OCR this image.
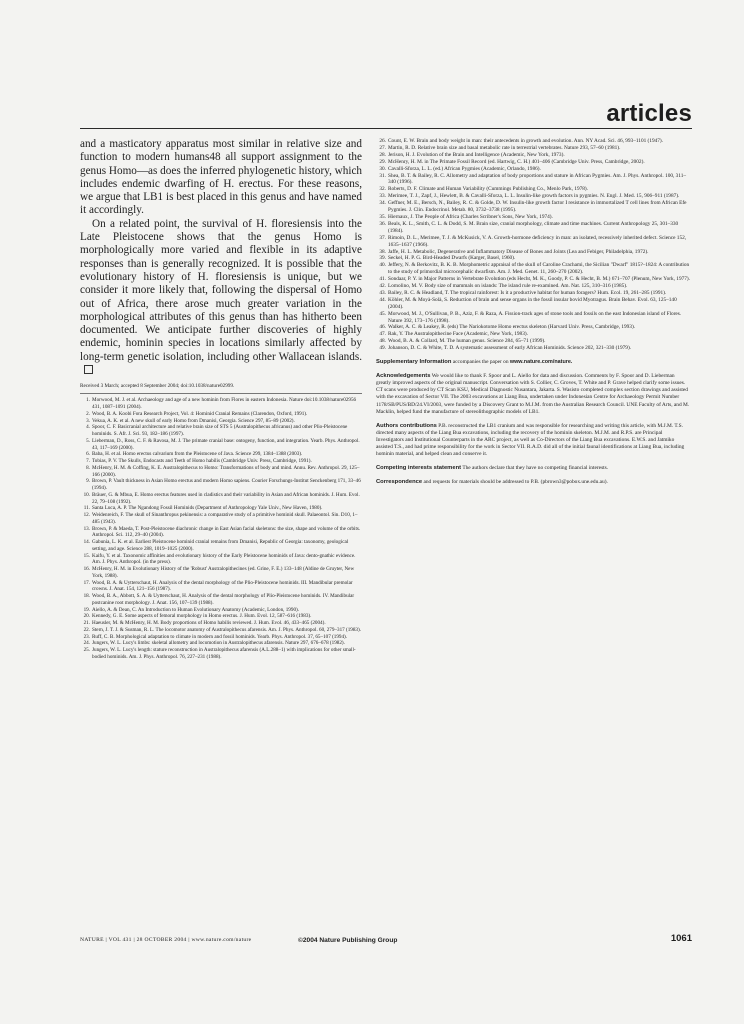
articles

and a masticatory apparatus most similar in relative size and function to modern humans48 all support assignment to the genus Homo—as does the inferred phylogenetic history, which includes endemic dwarfing of H. erectus. For these reasons, we argue that LB1 is best placed in this genus and have named it accordingly.

On a related point, the survival of H. floresiensis into the Late Pleistocene shows that the genus Homo is morphologically more varied and flexible in its adaptive responses than is generally recognized. It is possible that the evolutionary history of H. floresiensis is unique, but we consider it more likely that, following the dispersal of Homo out of Africa, there arose much greater variation in the morphological attributes of this genus than has hitherto been documented. We anticipate further discoveries of highly endemic, hominin species in locations similarly affected by long-term genetic isolation, including other Wallacean islands.

Received 3 March; accepted 8 September 2004; doi:10.1038/nature02999.
1. Morwood, M. J. et al. Archaeology and age of a new hominin from Flores in eastern Indonesia. Nature doi:10.1038/nature02956 431, 1087–1091 (2004).
2. Wood, B. A. Koobi Fora Research Project, Vol. 4: Hominid Cranial Remains (Clarendon, Oxford, 1991).
3. Vekua, A. K. et al. A new skull of early Homo from Dmanisi, Georgia. Science 297, 85–89 (2002).
4. Spoor, C. F. Basicranial architecture and relative brain size of STS 5 (Australopithecus africanus) and other Plio-Pleistocene hominids. S. Afr. J. Sci. 93, 182–186 (1997).
5. Lieberman, D., Ross, C. F. & Ravosa, M. J. The primate cranial base: ontogeny, function, and integration. Yearb. Phys. Anthropol. 43, 117–169 (2000).
6. Baba, H. et al. Homo erectus calvarium from the Pleistocene of Java. Science 299, 1384–1388 (2003).
7. Tobias, P. V. The Skulls, Endocasts and Teeth of Homo habilis (Cambridge Univ. Press, Cambridge, 1991).
8. McHenry, H. M. & Coffing, K. E. Australopithecus to Homo: Transformations of body and mind. Annu. Rev. Anthropol. 29, 125–166 (2000).
9. Brown, P. Vault thickness in Asian Homo erectus and modern Homo sapiens. Courier Forschungs-Institut Senckenberg 171, 33–46 (1994).
10. Bräuer, G. & Mbua, E. Homo erectus features used in cladistics and their variability in Asian and African hominids. J. Hum. Evol. 22, 79–108 (1992).
11. Santa Luca, A. P. The Ngandong Fossil Hominids (Department of Anthropology Yale Univ., New Haven, 1980).
12. Weidenreich, F. The skull of Sinanthropus pekinensis: a comparative study of a primitive hominid skull. Palaeontol. Sin. D10, 1–485 (1943).
13. Brown, P. & Maeda, T. Post-Pleistocene diachronic change in East Asian facial skeletons: the size, shape and volume of the orbits. Anthropol. Sci. 112, 29–40 (2004).
14. Gabunia, L. K. et al. Earliest Pleistocene hominid cranial remains from Dmanisi, Republic of Georgia: taxonomy, geological setting, and age. Science 288, 1019–1025 (2000).
15. Kaifu, Y. et al. Taxonomic affinities and evolutionary history of the Early Pleistocene hominids of Java: dento-gnathic evidence. Am. J. Phys. Anthropol. (in the press).
16. McHenry, H. M. in Evolutionary History of the 'Robust' Australopithecines (ed. Grine, F. E.) 133–148 (Aldine de Gruyter, New York, 1988).
17. Wood, B. A. & Uytterschaut, H. Analysis of the dental morphology of the Plio-Pleistocene hominids. III. Mandibular premolar crowns. J. Anat. 154, 121–156 (1987).
18. Wood, B. A., Abbott, S. A. & Uytterschaut, H. Analysis of the dental morphology of Plio-Pleistocene hominids. IV. Mandibular postcanine root morphology. J. Anat. 156, 107–139 (1988).
19. Aiello, A. & Dean, C. An Introduction to Human Evolutionary Anatomy (Academic, London, 1990).
20. Kennedy, G. E. Some aspects of femoral morphology in Homo erectus. J. Hum. Evol. 12, 587–616 (1983).
21. Haeusler, M. & McHenry, H. M. Body proportions of Homo habilis reviewed. J. Hum. Evol. 46, 433–465 (2004).
22. Stern, J. T. J. & Susman, R. L. The locomotor anatomy of Australopithecus afarensis. Am. J. Phys. Anthropol. 60, 279–317 (1983).
23. Ruff, C. B. Morphological adaptation to climate in modern and fossil hominids. Yearb. Phys. Anthropol. 37, 65–107 (1994).
24. Jungers, W. L. Lucy's limbs: skeletal allometry and locomotion in Australopithecus afarensis. Nature 297, 676–678 (1982).
25. Jungers, W. L. Lucy's length: stature reconstruction in Australopithecus afarensis (A.L.288–1) with implications for other small-bodied hominids. Am. J. Phys. Anthropol. 76, 227–231 (1988).
26. Count, E. W. Brain and body weight in man: their antecedents in growth and evolution. Ann. NY Acad. Sci. 46, 993–1101 (1947).
27. Martin, R. D. Relative brain size and basal metabolic rate in terrestrial vertebrates. Nature 293, 57–60 (1981).
28. Jerison, H. J. Evolution of the Brain and Intelligence (Academic, New York, 1973).
29. McHenry, H. M. in The Primate Fossil Record (ed. Hartwig, C. H.) 401–406 (Cambridge Univ. Press, Cambridge, 2002).
30. Cavalli-Sforza, L. L. (ed.) African Pygmies (Academic, Orlando, 1986).
31. Shea, B. T. & Bailey, R. C. Allometry and adaptation of body proportions and stature in African Pygmies. Am. J. Phys. Anthropol. 100, 311–340 (1996).
32. Roberts, D. F. Climate and Human Variability (Cummings Publishing Co., Menlo Park, 1978).
33. Merimee, T. J., Zapf, J., Hewlett, B. & Cavalli-Sforza, L. L. Insulin-like growth factors in pygmies. N. Engl. J. Med. 15, 906–911 (1987).
34. Geffner, M. E., Bersch, N., Bailey, R. C. & Golde, D. W. Insulin-like growth factor I resistance in immortalized T cell lines from African Efe Pygmies. J. Clin. Endocrinol. Metab. 80, 3732–3738 (1995).
35. Hiernaux, J. The People of Africa (Charles Scribner's Sons, New York, 1974).
36. Beals, K. L., Smith, C. L. & Dodd, S. M. Brain size, cranial morphology, climate and time machines. Current Anthropology 25, 301–330 (1984).
37. Rimoin, D. L., Merimee, T. J. & McKusick, V. A. Growth-hormone deficiency in man: an isolated, recessively inherited defect. Science 152, 1635–1637 (1966).
38. Jaffe, H. L. Metabolic, Degenerative and Inflammatory Disease of Bones and Joints (Lea and Febiger, Philadelphia, 1972).
39. Seckel, H. P. G. Bird-Headed Dwarfs (Karger, Basel, 1960).
40. Jeffery, N. & Berkovitz, B. K. B. Morphometric appraisal of the skull of Caroline Crachami, the Sicilian "Dwarf" 1815?–1824: A contribution to the study of primordial microcephalic dwarfism. Am. J. Med. Genet. 11, 260–270 (2002).
41. Sondaar, P. Y. in Major Patterns in Vertebrate Evolution (eds Hecht, M. K., Goody, P. C. & Hecht, B. M.) 671–707 (Plenum, New York, 1977).
42. Lomolino, M. V. Body size of mammals on islands: The island rule re-examined. Am. Nat. 125, 310–316 (1985).
43. Bailey, R. C. & Headland, T. The tropical rainforest: Is it a productive habitat for human foragers? Hum. Ecol. 19, 261–285 (1991).
44. Köhler, M. & Moyà-Solà, S. Reduction of brain and sense organs in the fossil insular bovid Myotragus. Brain Behav. Evol. 63, 125–140 (2004).
45. Morwood, M. J., O'Sullivan, P. B., Aziz, F. & Raza, A. Fission-track ages of stone tools and fossils on the east Indonesian island of Flores. Nature 392, 173–176 (1998).
46. Walker, A. C. & Leakey, R. (eds) The Nariokotome Homo erectus skeleton (Harvard Univ. Press, Cambridge, 1993).
47. Rak, Y. The Australopithecine Face (Academic, New York, 1983).
48. Wood, B. A. & Collard, M. The human genus. Science 284, 65–71 (1999).
49. Johanson, D. C. & White, T. D. A systematic assessment of early African Hominids. Science 202, 321–330 (1979).
Supplementary Information accompanies the paper on www.nature.com/nature.
Acknowledgements We would like to thank F. Spoor and L. Aiello for data and discussion. Comments by F. Spoor and D. Lieberman greatly improved aspects of the original manuscript. Conversation with S. Collier, C. Groves, T. White and P. Grave helped clarify some issues. CT scans were produced by CT Scan KSU, Medical Diagnostic Nusantara, Jakarta. S. Wasisto completed complex section drawings and assisted with the excavation of Sector VII. The 2003 excavations at Liang Bua, undertaken under Indonesian Centre for Archaeology Permit Number 1178/SB/PUS/BD/24.VI/2003, were funded by a Discovery Grant to M.J.M. from the Australian Research Council. UNE Faculty of Arts, and M. Macklin, helped fund the manufacture of stereolithographic models of LB1.
Authors contributions P.B. reconstructed the LB1 cranium and was responsible for researching and writing this article, with M.J.M. T.S. directed many aspects of the Liang Bua excavations, including the recovery of the hominin skeleton. M.J.M. and R.P.S. are Principal Investigators and Institutional Counterparts in the ARC project, as well as Co-Directors of the Liang Bua excavations. E.W.S. and Jatmiko assisted T.S., and had prime responsibility for the work in Sector VII. R.A.D. did all of the initial faunal identifications at Liang Bua, including hominin material, and helped clean and conserve it.
Competing interests statement The authors declare that they have no competing financial interests.
Correspondence and requests for materials should be addressed to P.B. (pbrown3@pobox.une.edu.au).
NATURE | VOL 431 | 28 OCTOBER 2004 | www.nature.com/nature	©2004 Nature Publishing Group	1061
